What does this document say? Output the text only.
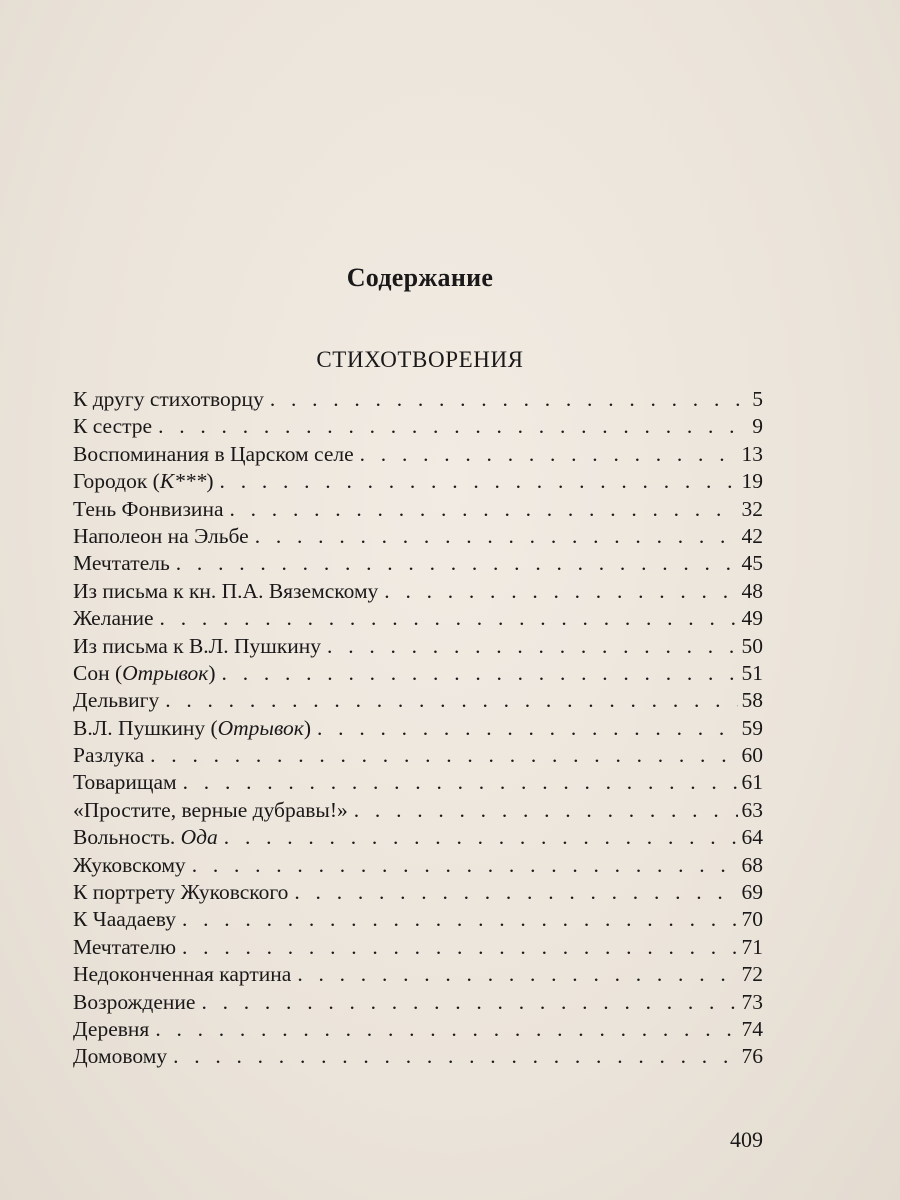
Содержание
СТИХОТВОРЕНИЯ
К другу стихотворцу . . .	5
К сестре . . .	9
Воспоминания в Царском селе . . .	13
Городок (К***) . . .	19
Тень Фонвизина . . .	32
Наполеон на Эльбе . . .	42
Мечтатель . . .	45
Из письма к кн. П.А. Вяземскому . . .	48
Желание . . .	49
Из письма к В.Л. Пушкину . . .	50
Сон (Отрывок) . . .	51
Дельвигу . . .	58
В.Л. Пушкину (Отрывок) . . .	59
Разлука . . .	60
Товарищам . . .	61
«Простите, верные дубравы!» . . .	63
Вольность. Ода . . .	64
Жуковскому . . .	68
К портрету Жуковского . . .	69
К Чаадаеву . . .	70
Мечтателю . . .	71
Недоконченная картина . . .	72
Возрождение . . .	73
Деревня . . .	74
Домовому . . .	76
409
